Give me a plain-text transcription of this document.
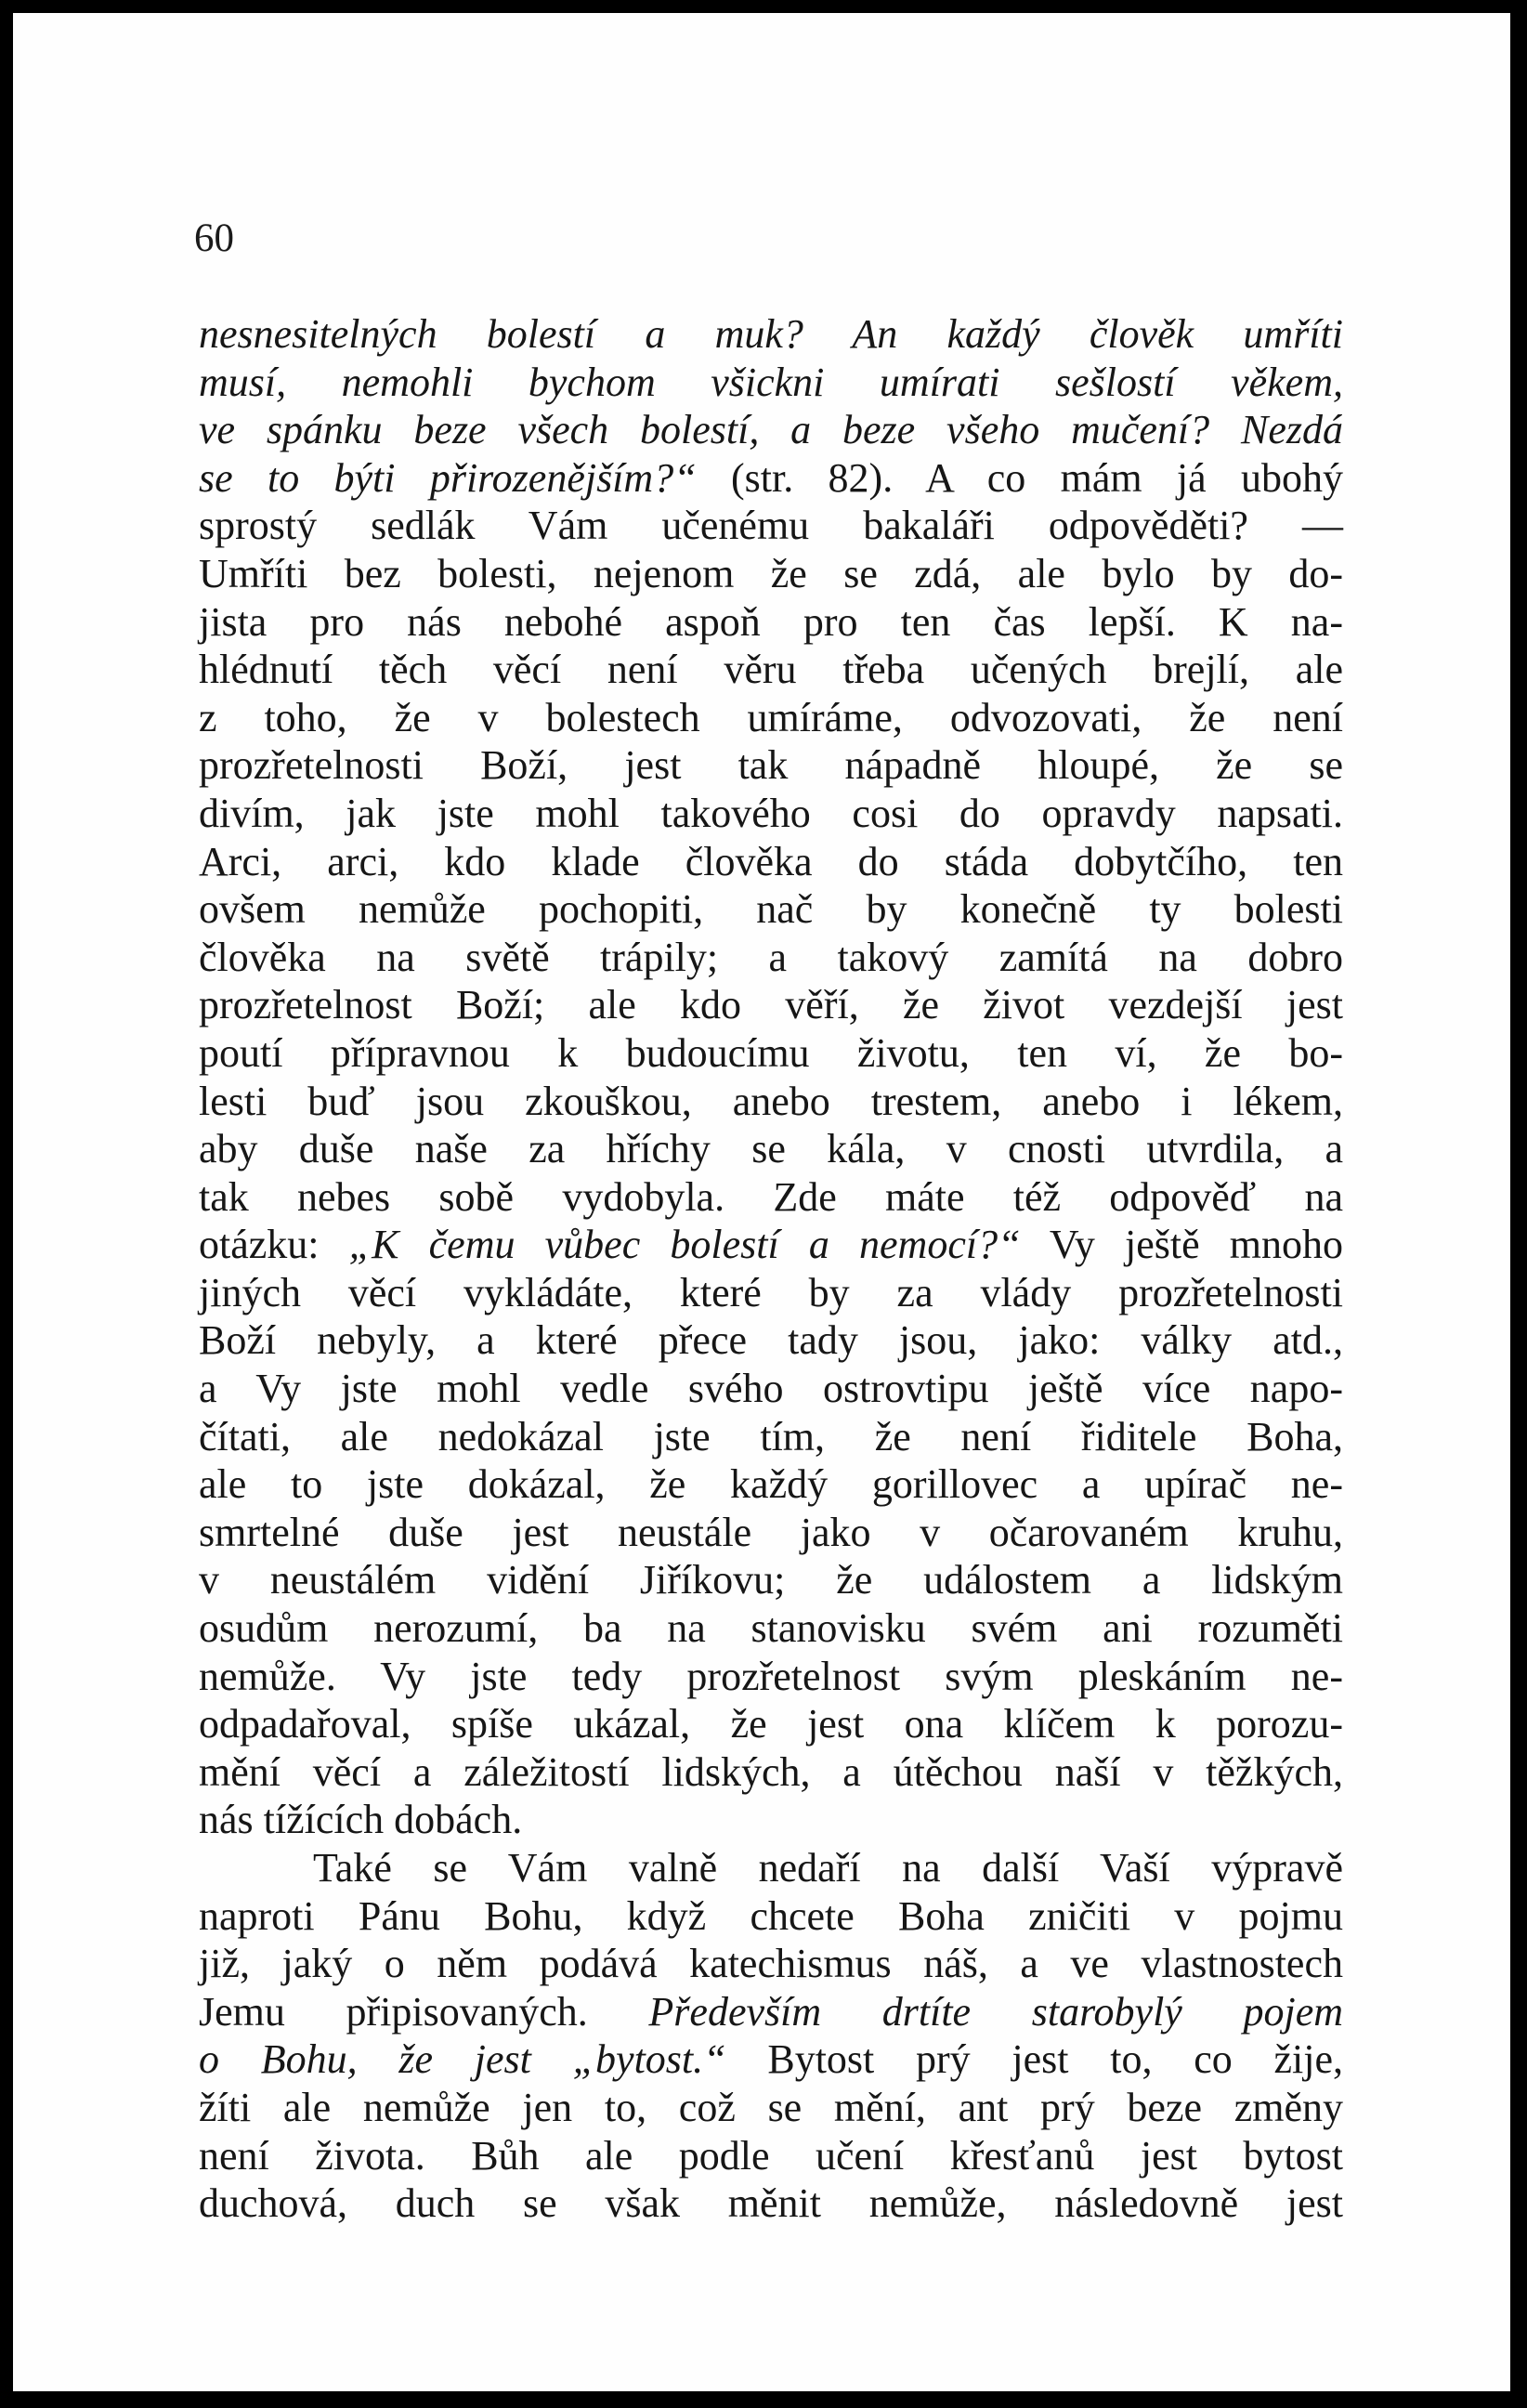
60
nesnesitelných bolestí a muk? An každý člověk umříti
musí, nemohli bychom všickni umírati sešlostí věkem,
ve spánku beze všech bolestí, a beze všeho mučení? Nezdá
se to býti přirozenějším?“ (str. 82). A co mám já ubohý
sprostý sedlák Vám učenému bakaláři odpověděti? —
Umříti bez bolesti, nejenom že se zdá, ale bylo by do-
jista pro nás nebohé aspoň pro ten čas lepší. K na-
hlédnutí těch věcí není věru třeba učených brejlí, ale
z toho, že v bolestech umíráme, odvozovati, že není
prozřetelnosti Boží, jest tak nápadně hloupé, že se
divím, jak jste mohl takového cosi do opravdy napsati.
Arci, arci, kdo klade člověka do stáda dobytčího, ten
ovšem nemůže pochopiti, nač by konečně ty bolesti
člověka na světě trápily; a takový zamítá na dobro
prozřetelnost Boží; ale kdo věří, že život vezdejší jest
poutí přípravnou k budoucímu životu, ten ví, že bo-
lesti buď jsou zkouškou, anebo trestem, anebo i lékem,
aby duše naše za hříchy se kála, v cnosti utvrdila, a
tak nebes sobě vydobyla. Zde máte též odpověď na
otázku: „K čemu vůbec bolestí a nemocí?“ Vy ještě mnoho
jiných věcí vykládáte, které by za vlády prozřetelnosti
Boží nebyly, a které přece tady jsou, jako: války atd.,
a Vy jste mohl vedle svého ostrovtipu ještě více napo-
čítati, ale nedokázal jste tím, že není řiditele Boha,
ale to jste dokázal, že každý gorillovec a upírač ne-
smrtelné duše jest neustále jako v očarovaném kruhu,
v neustálém vidění Jiříkovu; že událostem a lidským
osudům nerozumí, ba na stanovisku svém ani rozuměti
nemůže. Vy jste tedy prozřetelnost svým pleskáním ne-
odpadařoval, spíše ukázal, že jest ona klíčem k porozu-
mění věcí a záležitostí lidských, a útěchou naší v těžkých,
nás tížících dobách.
Také se Vám valně nedaří na další Vaší výpravě
naproti Pánu Bohu, když chcete Boha zničiti v pojmu
již, jaký o něm podává katechismus náš, a ve vlastnostech
Jemu připisovaných. Především drtíte starobylý pojem
o Bohu, že jest „bytost.“ Bytost prý jest to, co žije,
žíti ale nemůže jen to, což se mění, ant prý beze změny
není života. Bůh ale podle učení křesťanů jest bytost
duchová, duch se však měnit nemůže, následovně jest
